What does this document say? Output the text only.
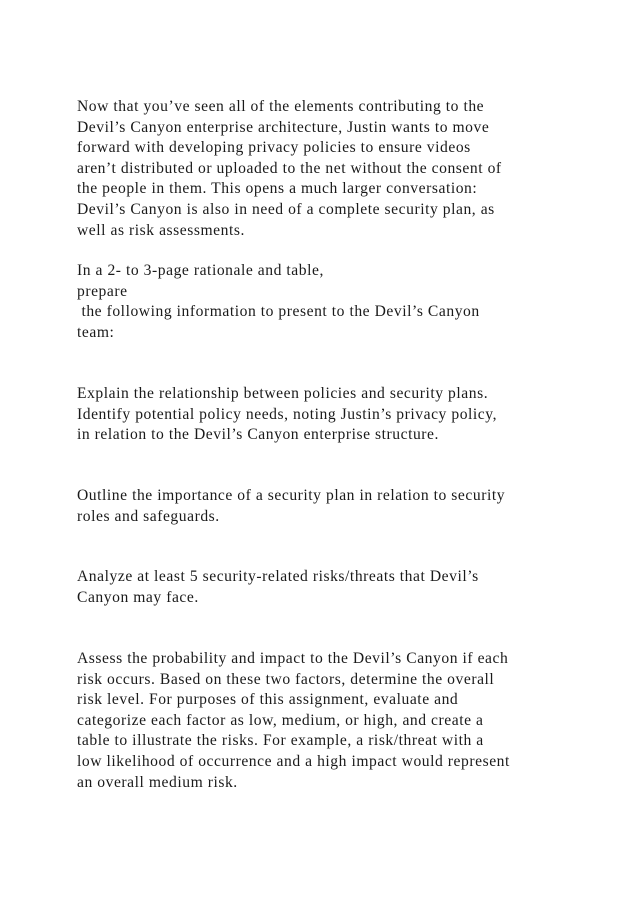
Now that you’ve seen all of the elements contributing to the
Devil’s Canyon enterprise architecture, Justin wants to move
forward with developing privacy policies to ensure videos
aren’t distributed or uploaded to the net without the consent of
the people in them. This opens a much larger conversation:
Devil’s Canyon is also in need of a complete security plan, as
well as risk assessments.
In a 2- to 3-page rationale and table,
prepare
the following information to present to the Devil’s Canyon
team:
Explain the relationship between policies and security plans.
Identify potential policy needs, noting Justin’s privacy policy,
in relation to the Devil’s Canyon enterprise structure.
Outline the importance of a security plan in relation to security
roles and safeguards.
Analyze at least 5 security-related risks/threats that Devil’s
Canyon may face.
Assess the probability and impact to the Devil’s Canyon if each
risk occurs. Based on these two factors, determine the overall
risk level. For purposes of this assignment, evaluate and
categorize each factor as low, medium, or high, and create a
table to illustrate the risks. For example, a risk/threat with a
low likelihood of occurrence and a high impact would represent
an overall medium risk.
